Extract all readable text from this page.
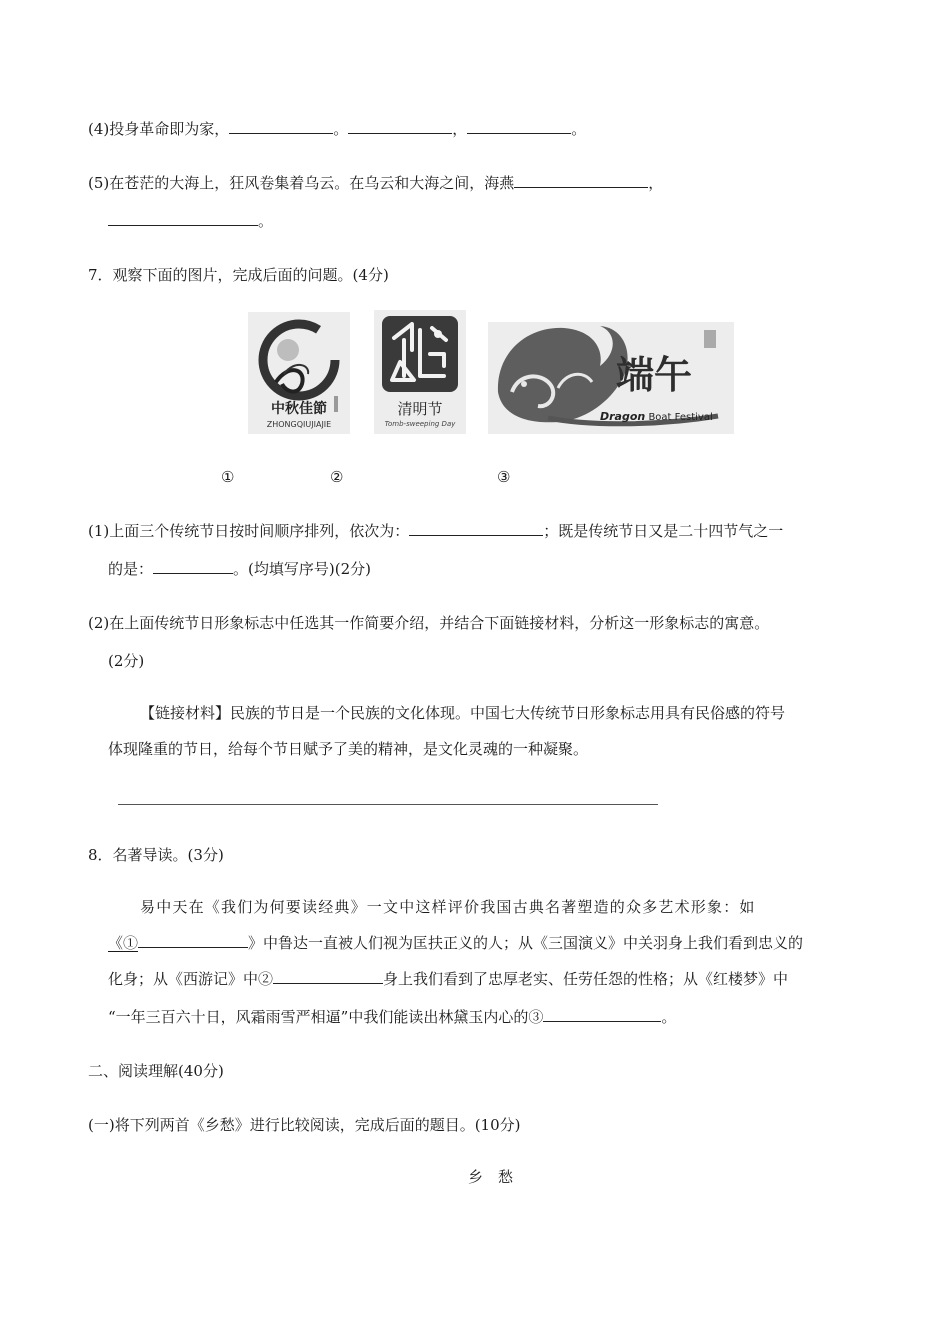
(4)投身革命即为家，	。	，	。
(5)在苍茫的大海上，狂风卷集着乌云。在乌云和大海之间，海燕	，
。
7．观察下面的图片，完成后面的问题。(4分)
中秋佳節
ZHONGQIUJIAJIE
清明节
Tomb-sweeping Day
端午
Dragon Boat Festival
①	②	③
(1)上面三个传统节日按时间顺序排列，依次为：	；既是传统节日又是二十四节气之一
的是：	。(均填写序号)(2分)
(2)在上面传统节日形象标志中任选其一作简要介绍，并结合下面链接材料，分析这一形象标志的寓意。
(2分)
【链接材料】民族的节日是一个民族的文化体现。中国七大传统节日形象标志用具有民俗感的符号
体现隆重的节日，给每个节日赋予了美的精神，是文化灵魂的一种凝聚。
8．名著导读。(3分)
易中天在《我们为何要读经典》一文中这样评价我国古典名著塑造的众多艺术形象：如
《①	》中鲁达一直被人们视为匡扶正义的人；从《三国演义》中关羽身上我们看到忠义的
化身；从《西游记》中②	身上我们看到了忠厚老实、任劳任怨的性格；从《红楼梦》中
“一年三百六十日，风霜雨雪严相逼”中我们能读出林黛玉内心的③	。
二、阅读理解(40分)
(一)将下列两首《乡愁》进行比较阅读，完成后面的题目。(10分)
乡　愁
